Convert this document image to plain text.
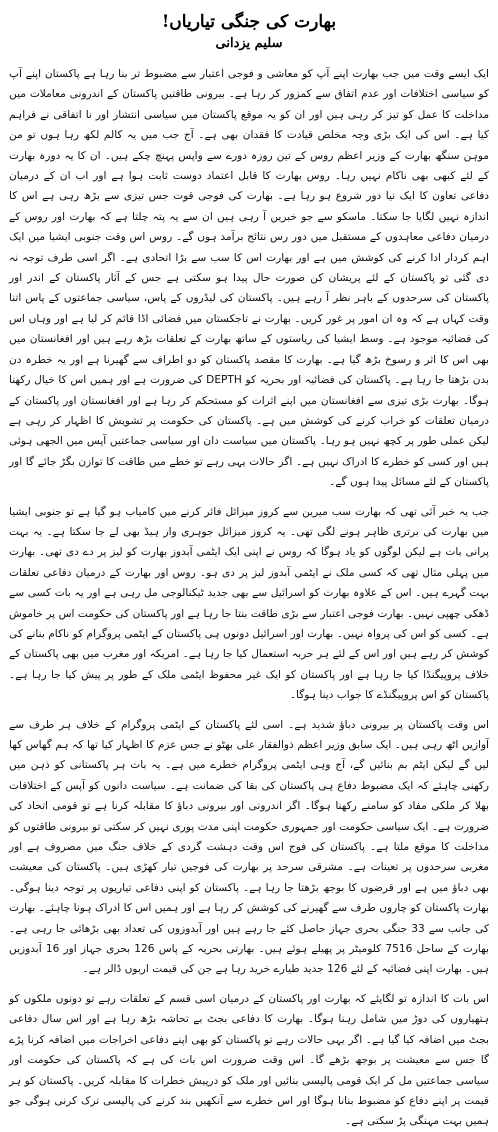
بھارت کی جنگی تیاریاں!
سلیم یزدانی

ایک ایسے وقت میں جب بھارت اپنے آپ کو معاشی و فوجی اعتبار سے مضبوط تر بنا رہا ہے پاکستان اپنے آپ کو سیاسی اختلافات اور عدم اتفاق سے کمزور کر رہا ہے۔ بیرونی طاقتیں پاکستان کے اندرونی معاملات میں مداخلت کا عمل کو تیز کر رہی ہیں اور ان کو یہ موقع پاکستان میں سیاسی انتشار اور نا اتفاقی نے فراہم کیا ہے۔ اس کی ایک بڑی وجہ مخلص قیادت کا فقدان بھی ہے۔ آج جب میں یہ کالم لکھ رہا ہوں تو من موہن سنگھ بھارت کے وزیر اعظم روس کے تین روزہ دورے سے واپس پہنچ چکے ہیں۔ ان کا یہ دورہ بھارت کے لئے کبھی بھی ناکام نہیں رہا۔ روس بھارت کا قابل اعتماد دوست ثابت ہوا ہے اور اب ان کے درمیان دفاعی تعاون کا ایک نیا دور شروع ہو رہا ہے۔ بھارت کی فوجی قوت جس تیزی سے بڑھ رہی ہے اس کا اندازہ نہیں لگایا جا سکتا۔ ماسکو سے جو خبریں آ رہی ہیں ان سے یہ پتہ چلتا ہے کہ بھارت اور روس کے درمیان دفاعی معاہدوں کے مستقبل میں دور رس نتائج برآمد ہوں گے۔ روس اس وقت جنوبی ایشیا میں ایک اہم کردار ادا کرنے کی کوشش میں ہے اور بھارت اس کا سب سے بڑا اتحادی ہے۔ اگر اسی طرف توجہ نہ دی گئی تو پاکستان کے لئے پریشان کن صورت حال پیدا ہو سکتی ہے جس کے آثار پاکستان کے اندر اور پاکستان کی سرحدوں کے باہر نظر آ رہے ہیں۔ پاکستان کی لیڈروں کے پاس، سیاسی جماعتوں کے پاس اتنا وقت کہاں ہے کہ وہ ان امور پر غور کریں۔ بھارت نے تاجکستان میں فضائی اڈا قائم کر لیا ہے اور وہاں اس کی فضائیہ موجود ہے۔ وسط ایشیا کی ریاستوں کے ساتھ بھارت کے تعلقات بڑھ رہے ہیں اور افغانستان میں بھی اس کا اثر و رسوخ بڑھ گیا ہے۔ بھارت کا مقصد پاکستان کو دو اطراف سے گھیرنا ہے اور یہ خطرہ دن بدن بڑھتا جا رہا ہے۔ پاکستان کی فضائیہ اور بحریہ کو DEPTH کی ضرورت ہے اور ہمیں اس کا خیال رکھنا ہوگا۔ بھارت بڑی تیزی سے افغانستان میں اپنے اثرات کو مستحکم کر رہا ہے اور افغانستان اور پاکستان کے درمیان تعلقات کو خراب کرنے کی کوشش میں ہے۔ پاکستان کی حکومت پر تشویش کا اظہار کر رہی ہے لیکن عملی طور پر کچھ نہیں ہو رہا۔ پاکستان میں سیاست دان اور سیاسی جماعتیں آپس میں الجھی ہوئی ہیں اور کسی کو خطرے کا ادراک نہیں ہے۔ اگر حالات یہی رہے تو خطے میں طاقت کا توازن بگڑ جائے گا اور پاکستان کے لئے مسائل پیدا ہوں گے۔

جب یہ خبر آئی تھی کہ بھارت سب میرین سے کروز میزائل فائر کرنے میں کامیاب ہو گیا ہے تو جنوبی ایشیا میں بھارت کی برتری ظاہر ہونے لگی تھی۔ یہ کروز میزائل جوہری وار ہیڈ بھی لے جا سکتا ہے۔ یہ بہت پرانی بات ہے لیکن لوگوں کو یاد ہوگا کہ روس نے اپنی ایک ایٹمی آبدوز بھارت کو لیز پر دے دی تھی۔ بھارت میں پہلی مثال تھی کہ کسی ملک نے ایٹمی آبدوز لیز پر دی ہو۔ روس اور بھارت کے درمیان دفاعی تعلقات بہت گہرے ہیں۔ اس کے علاوہ بھارت کو اسرائیل سے بھی جدید ٹیکنالوجی مل رہی ہے اور یہ بات کسی سے ڈھکی چھپی نہیں۔ بھارت فوجی اعتبار سے بڑی طاقت بنتا جا رہا ہے اور پاکستان کی حکومت اس پر خاموش ہے۔ کسی کو اس کی پرواہ نہیں۔ بھارت اور اسرائیل دونوں ہی پاکستان کے ایٹمی پروگرام کو ناکام بنانے کی کوشش کر رہے ہیں اور اس کے لئے ہر حربہ استعمال کیا جا رہا ہے۔ امریکہ اور مغرب میں بھی پاکستان کے خلاف پروپیگنڈا کیا جا رہا ہے اور پاکستان کو ایک غیر محفوظ ایٹمی ملک کے طور پر پیش کیا جا رہا ہے۔ پاکستان کو اس پروپیگنڈے کا جواب دینا ہوگا۔

اس وقت پاکستان پر بیرونی دباؤ شدید ہے۔ اسی لئے پاکستان کے ایٹمی پروگرام کے خلاف ہر طرف سے آوازیں اٹھ رہی ہیں۔ ایک سابق وزیر اعظم ذوالفقار علی بھٹو نے جس عزم کا اظہار کیا تھا کہ ہم گھاس کھا لیں گے لیکن ایٹم بم بنائیں گے، آج وہی ایٹمی پروگرام خطرے میں ہے۔ یہ بات ہر پاکستانی کو ذہن میں رکھنی چاہئے کہ ایک مضبوط دفاع ہی پاکستان کی بقا کی ضمانت ہے۔ سیاست دانوں کو آپس کے اختلافات بھلا کر ملکی مفاد کو سامنے رکھنا ہوگا۔ اگر اندرونی اور بیرونی دباؤ کا مقابلہ کرنا ہے تو قومی اتحاد کی ضرورت ہے۔ ایک سیاسی حکومت اور جمہوری حکومت اپنی مدت پوری نہیں کر سکتی تو بیرونی طاقتوں کو مداخلت کا موقع ملتا ہے۔ پاکستان کی فوج اس وقت دہشت گردی کے خلاف جنگ میں مصروف ہے اور مغربی سرحدوں پر تعینات ہے۔ مشرقی سرحد پر بھارت کی فوجیں تیار کھڑی ہیں۔ پاکستان کی معیشت بھی دباؤ میں ہے اور قرضوں کا بوجھ بڑھتا جا رہا ہے۔ پاکستان کو اپنی دفاعی تیاریوں پر توجہ دینا ہوگی۔ بھارت پاکستان کو چاروں طرف سے گھیرنے کی کوشش کر رہا ہے اور ہمیں اس کا ادراک ہونا چاہئے۔ بھارت کی جانب سے 33 جنگی بحری جہاز حاصل کئے جا رہے ہیں اور آبدوزوں کی تعداد بھی بڑھائی جا رہی ہے۔ بھارت کے ساحل 7516 کلومیٹر پر پھیلے ہوئے ہیں۔ بھارتی بحریہ کے پاس 126 بحری جہاز اور 16 آبدوزیں ہیں۔ بھارت اپنی فضائیہ کے لئے 126 جدید طیارے خرید رہا ہے جن کی قیمت اربوں ڈالر ہے۔

اس بات کا اندازہ تو لگایئے کہ بھارت اور پاکستان کے درمیان اسی قسم کے تعلقات رہے تو دونوں ملکوں کو ہتھیاروں کی دوڑ میں شامل رہنا ہوگا۔ بھارت کا دفاعی بجٹ بے تحاشہ بڑھ رہا ہے اور اس سال دفاعی بجٹ میں اضافہ کیا گیا ہے۔ اگر یہی حالات رہے تو پاکستان کو بھی اپنے دفاعی اخراجات میں اضافہ کرنا پڑے گا جس سے معیشت پر بوجھ بڑھے گا۔ اس وقت ضرورت اس بات کی ہے کہ پاکستان کی حکومت اور سیاسی جماعتیں مل کر ایک قومی پالیسی بنائیں اور ملک کو درپیش خطرات کا مقابلہ کریں۔ پاکستان کو ہر قیمت پر اپنے دفاع کو مضبوط بنانا ہوگا اور اس خطرے سے آنکھیں بند کرنے کی پالیسی ترک کرنی ہوگی جو ہمیں بہت مہنگی پڑ سکتی ہے۔
